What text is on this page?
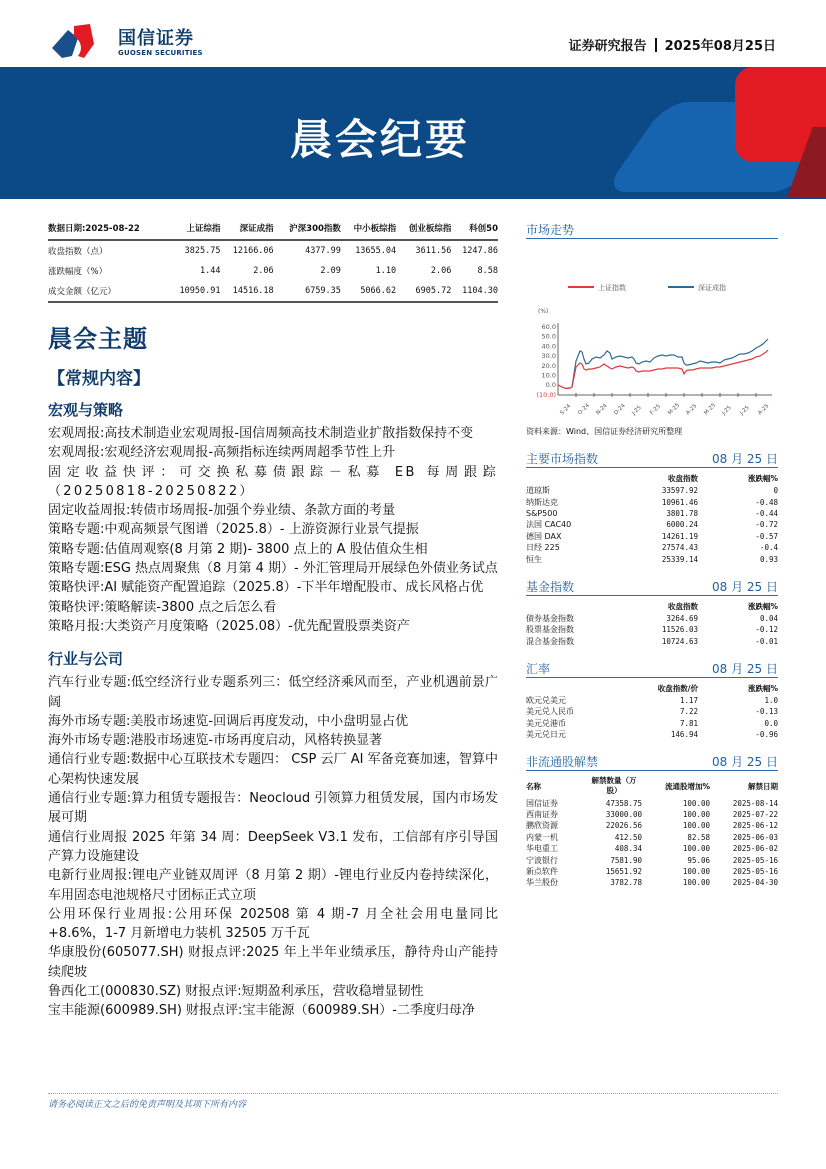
国信证券
GUOSEN SECURITIES	证券研究报告 2025年08月25日
晨会纪要
数据日期:2025-08-22	上证综指	深证成指	沪深300指数	中小板综指	创业板综指	科创50
收盘指数（点）	3825.75	12166.06	4377.99	13655.04	3611.56	1247.86
涨跌幅度（%）	1.44	2.06	2.09	1.10	2.06	8.58
成交金额（亿元）	10950.91	14516.18	6759.35	5066.62	6905.72	1104.30
晨会主题
【常规内容】
宏观与策略
宏观周报:高技术制造业宏观周报-国信周频高技术制造业扩散指数保持不变
宏观周报:宏观经济宏观周报-高频指标连续两周超季节性上升
固定收益快评：可交换私募债跟踪－私募 EB 每周跟踪（20250818-20250822）
固定收益周报:转债市场周报-加强个券业绩、条款方面的考量
策略专题:中观高频景气图谱（2025.8）- 上游资源行业景气提振
策略专题:估值周观察(8 月第 2 期)- 3800 点上的 A 股估值众生相
策略专题:ESG 热点周聚焦（8 月第 4 期）- 外汇管理局开展绿色外债业务试点
策略快评:AI 赋能资产配置追踪（2025.8）-下半年增配股市、成长风格占优
策略快评:策略解读-3800 点之后怎么看
策略月报:大类资产月度策略（2025.08）-优先配置股票类资产
行业与公司
汽车行业专题:低空经济行业专题系列三：低空经济乘风而至，产业机遇前景广阔
海外市场专题:美股市场速览-回调后再度发动，中小盘明显占优
海外市场专题:港股市场速览-市场再度启动，风格转换显著
通信行业专题:数据中心互联技术专题四： CSP 云厂 AI 军备竞赛加速，智算中心架构快速发展
通信行业专题:算力租赁专题报告：Neocloud 引领算力租赁发展，国内市场发展可期
通信行业周报 2025 年第 34 周：DeepSeek V3.1 发布，工信部有序引导国产算力设施建设
电新行业周报:锂电产业链双周评（8 月第 2 期）-锂电行业反内卷持续深化，车用固态电池规格尺寸团标正式立项
公用环保行业周报:公用环保 202508 第 4 期-7 月全社会用电量同比+8.6%，1-7 月新增电力装机 32505 万千瓦
华康股份(605077.SH) 财报点评:2025 年上半年业绩承压，静待舟山产能持续爬坡
鲁西化工(000830.SZ) 财报点评:短期盈利承压，营收稳增显韧性
宝丰能源(600989.SH) 财报点评:宝丰能源（600989.SH）-二季度归母净
市场走势
上证指数	深证成指
(%)
60.0
50.0
40.0
30.0
20.0
10.0
0.0
(10.0)
S-24 O-24 N-24 D-24 J-25 F-25 M-25 A-25 M-25 J-25 J-25 A-25
资料来源：Wind、国信证券经济研究所整理
主要市场指数	08 月 25 日
	收盘指数	涨跌幅%
道琼斯	33597.92	0
纳斯达克	10961.46	-0.48
S&P500	3801.78	-0.44
法国 CAC40	6000.24	-0.72
德国 DAX	14261.19	-0.57
日经 225	27574.43	-0.4
恒生	25339.14	0.93
基金指数	08 月 25 日
	收盘指数	涨跌幅%
债券基金指数	3264.69	0.04
股票基金指数	11526.03	-0.12
混合基金指数	10724.63	-0.01
汇率	08 月 25 日
	收盘指数/价	涨跌幅%
欧元兑美元	1.17	1.0
美元兑人民币	7.22	-0.13
美元兑港币	7.81	0.0
美元兑日元	146.94	-0.96
非流通股解禁	08 月 25 日
名称	解禁数量（万股）	流通股增加%	解禁日期
国信证券	47358.75	100.00	2025-08-14
西南证券	33000.00	100.00	2025-07-22
鹏欣资源	22026.56	100.00	2025-06-12
内蒙一机	412.50	82.58	2025-06-03
华电重工	408.34	100.00	2025-06-02
宁波银行	7581.90	95.06	2025-05-16
新点软件	15651.92	100.00	2025-05-16
华兰股份	3782.78	100.00	2025-04-30
请务必阅读正文之后的免责声明及其项下所有内容
